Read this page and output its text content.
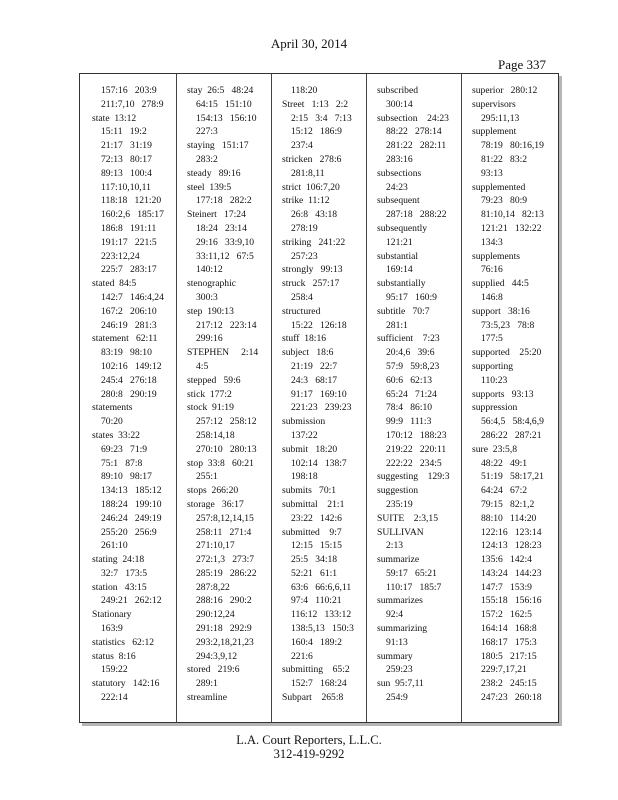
April 30, 2014
Page 337
157:16   203:9
211:7,10   278:9
state  13:12
15:11   19:2
21:17   31:19
72:13   80:17
89:13   100:4
117:10,10,11
118:18   121:20
160:2,6   185:17
186:8   191:11
191:17   221:5
223:12,24
225:7   283:17
stated  84:5
142:7   146:4,24
167:2   206:10
246:19   281:3
statement   62:11
83:19   98:10
102:16   149:12
245:4   276:18
280:8   290:19
statements
70:20
states  33:22
69:23   71:9
75:1   87:8
89:10   98:17
134:13   185:12
188:24   199:10
246:24   249:19
255:20   256:9
261:10
stating  24:18
32:7   173:5
station   43:15
249:21   262:12
Stationary
163:9
statistics   62:12
status  8:16
159:22
statutory   142:16
222:14
stay  26:5   48:24
64:15   151:10
154:13   156:10
227:3
staying   151:17
283:2
steady   89:16
steel  139:5
177:18   282:2
Steinert   17:24
18:24   23:14
29:16   33:9,10
33:11,12   67:5
140:12
stenographic
300:3
step  190:13
217:12   223:14
299:16
STEPHEN     2:14
4:5
stepped   59:6
stick  177:2
stock  91:19
257:12   258:12
258:14,18
270:10   280:13
stop  33:8   60:21
255:1
stops  266:20
storage   36:17
257:8,12,14,15
258:11   271:4
271:10,17
272:1,3   273:7
285:19   286:22
287:8,22
288:16   290:2
290:12,24
291:18   292:9
293:2,18,21,23
294:3,9,12
stored   219:6
289:1
streamline
118:20
Street   1:13   2:2
2:15   3:4   7:13
15:12   186:9
237:4
stricken   278:6
281:8,11
strict  106:7,20
strike  11:12
26:8   43:18
278:19
striking   241:22
257:23
strongly   99:13
struck   257:17
258:4
structured
15:22   126:18
stuff  18:16
subject   18:6
21:19   22:7
24:3   68:17
91:17   169:10
221:23   239:23
submission
137:22
submit   18:20
102:14   138:7
198:18
submits   70:1
submittal    21:1
23:22   142:6
submitted    9:7
12:15   15:15
25:5   34:18
52:21   61:1
63:6   66:6,6,11
97:4   110:21
116:12   133:12
138:5,13   150:3
160:4   189:2
221:6
submitting    65:2
152:7   168:24
Subpart    265:8
subscribed
300:14
subsection    24:23
88:22   278:14
281:22   282:11
283:16
subsections
24:23
subsequent
287:18   288:22
subsequently
121:21
substantial
169:14
substantially
95:17   160:9
subtitle   70:7
281:1
sufficient    7:23
20:4,6   39:6
57:9   59:8,23
60:6   62:13
65:24   71:24
78:4   86:10
99:9   111:3
170:12   188:23
219:22   220:11
222:22   234:5
suggesting    129:3
suggestion
235:19
SUITE    2:3,15
SULLIVAN
2:13
summarize
59:17   65:21
110:17   185:7
summarizes
92:4
summarizing
91:13
summary
259:23
sun  95:7,11
254:9
superior   280:12
supervisors
295:11,13
supplement
78:19   80:16,19
81:22   83:2
93:13
supplemented
79:23   80:9
81:10,14   82:13
121:21   132:22
134:3
supplements
76:16
supplied   44:5
146:8
support   38:16
73:5,23   78:8
177:5
supported    25:20
supporting
110:23
supports   93:13
suppression
56:4,5   58:4,6,9
286:22   287:21
sure  23:5,8
48:22   49:1
51:19   58:17,21
64:24   67:2
79:15   82:1,2
88:10   114:20
122:16   123:14
124:13   128:23
135:6   142:4
143:24   144:23
147:7   153:9
155:18   156:16
157:2   162:5
164:14   168:8
168:17   175:3
180:5   217:15
229:7,17,21
238:2   245:15
247:23   260:18
L.A. Court Reporters, L.L.C.
312-419-9292
